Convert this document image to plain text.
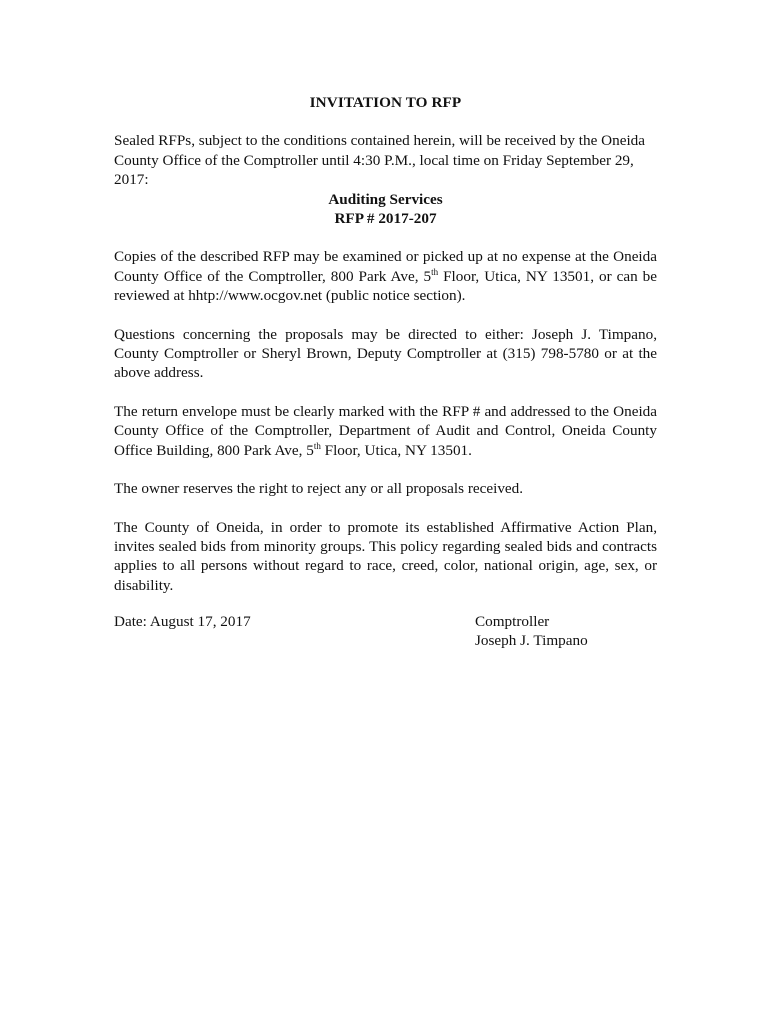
INVITATION TO RFP

Sealed RFPs, subject to the conditions contained herein, will be received by the Oneida County Office of the Comptroller until 4:30 P.M., local time on Friday September 29, 2017:

Auditing Services

RFP # 2017-207

Copies of the described RFP may be examined or picked up at no expense at the Oneida County Office of the Comptroller, 800 Park Ave, 5th Floor, Utica, NY 13501, or can be reviewed at hhtp://www.ocgov.net (public notice section).

Questions concerning the proposals may be directed to either: Joseph J. Timpano, County Comptroller or Sheryl Brown, Deputy Comptroller at (315) 798-5780 or at the above address.

The return envelope must be clearly marked with the RFP # and addressed to the Oneida County Office of the Comptroller, Department of Audit and Control, Oneida County Office Building, 800 Park Ave, 5th Floor, Utica, NY 13501.

The owner reserves the right to reject any or all proposals received.

The County of Oneida, in order to promote its established Affirmative Action Plan, invites sealed bids from minority groups. This policy regarding sealed bids and contracts applies to all persons without regard to race, creed, color, national origin, age, sex, or disability.

Date: August 17, 2017	Comptroller
Joseph J. Timpano
